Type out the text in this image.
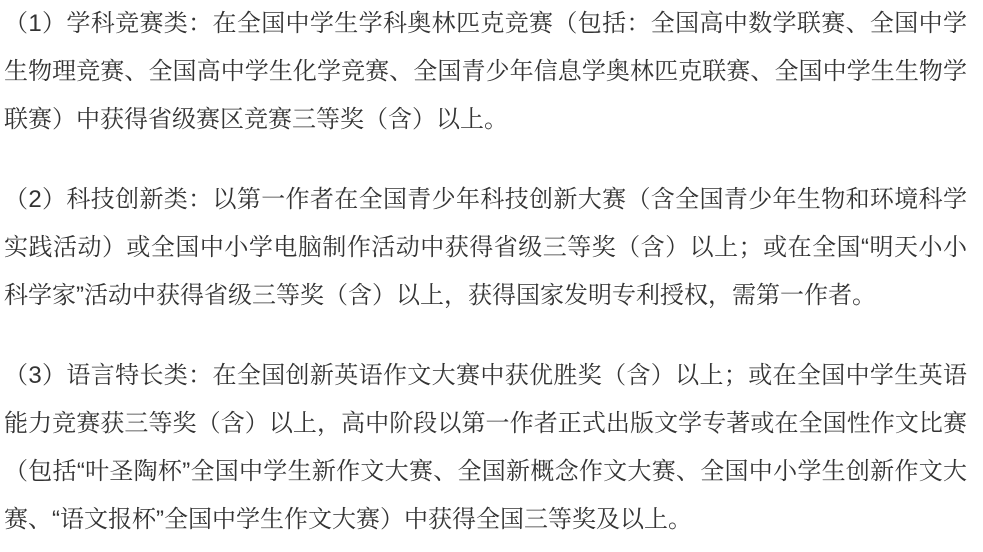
（1）学科竞赛类：在全国中学生学科奥林匹克竞赛（包括：全国高中数学联赛、全国中学生物理竞赛、全国高中学生化学竞赛、全国青少年信息学奥林匹克联赛、全国中学生生物学联赛）中获得省级赛区竞赛三等奖（含）以上。

（2）科技创新类：以第一作者在全国青少年科技创新大赛（含全国青少年生物和环境科学实践活动）或全国中小学电脑制作活动中获得省级三等奖（含）以上；或在全国“明天小小科学家”活动中获得省级三等奖（含）以上，获得国家发明专利授权，需第一作者。

（3）语言特长类：在全国创新英语作文大赛中获优胜奖（含）以上；或在全国中学生英语能力竞赛获三等奖（含）以上，高中阶段以第一作者正式出版文学专著或在全国性作文比赛（包括“叶圣陶杯”全国中学生新作文大赛、全国新概念作文大赛、全国中小学生创新作文大赛、“语文报杯”全国中学生作文大赛）中获得全国三等奖及以上。
